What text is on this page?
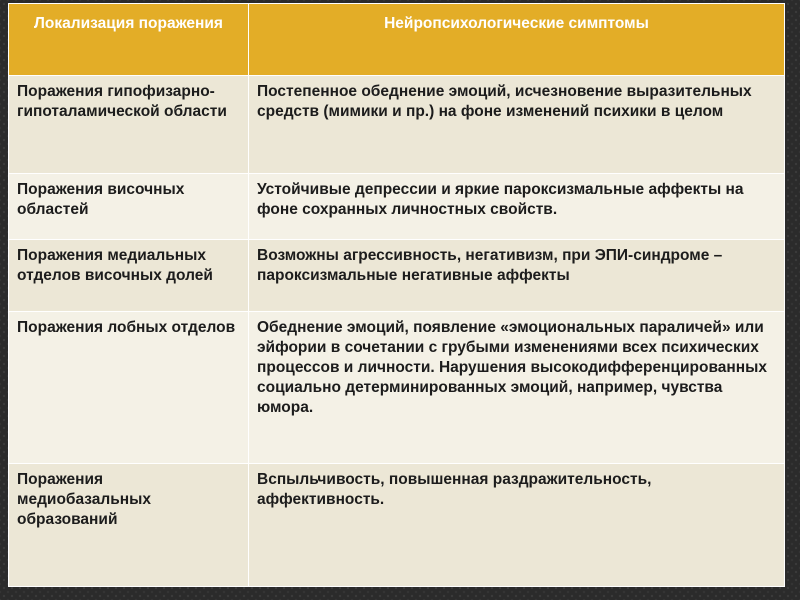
Локализация поражения	Нейропсихологические симптомы
Поражения гипофизарно-гипоталамической области	Постепенное обеднение эмоций, исчезновение выразительных средств (мимики и пр.) на фоне изменений психики в целом
Поражения височных областей	Устойчивые депрессии и яркие пароксизмальные аффекты на фоне сохранных личностных свойств.
Поражения медиальных отделов височных долей	Возможны агрессивность, негативизм, при ЭПИ-синдроме – пароксизмальные негативные аффекты
Поражения лобных отделов	Обеднение эмоций, появление «эмоциональных параличей» или эйфории в сочетании с грубыми изменениями всех психических процессов и личности. Нарушения высокодифференцированных социально детерминированных эмоций, например, чувства юмора.
Поражения медиобазальных образований	Вспыльчивость, повышенная раздражительность, аффективность.
